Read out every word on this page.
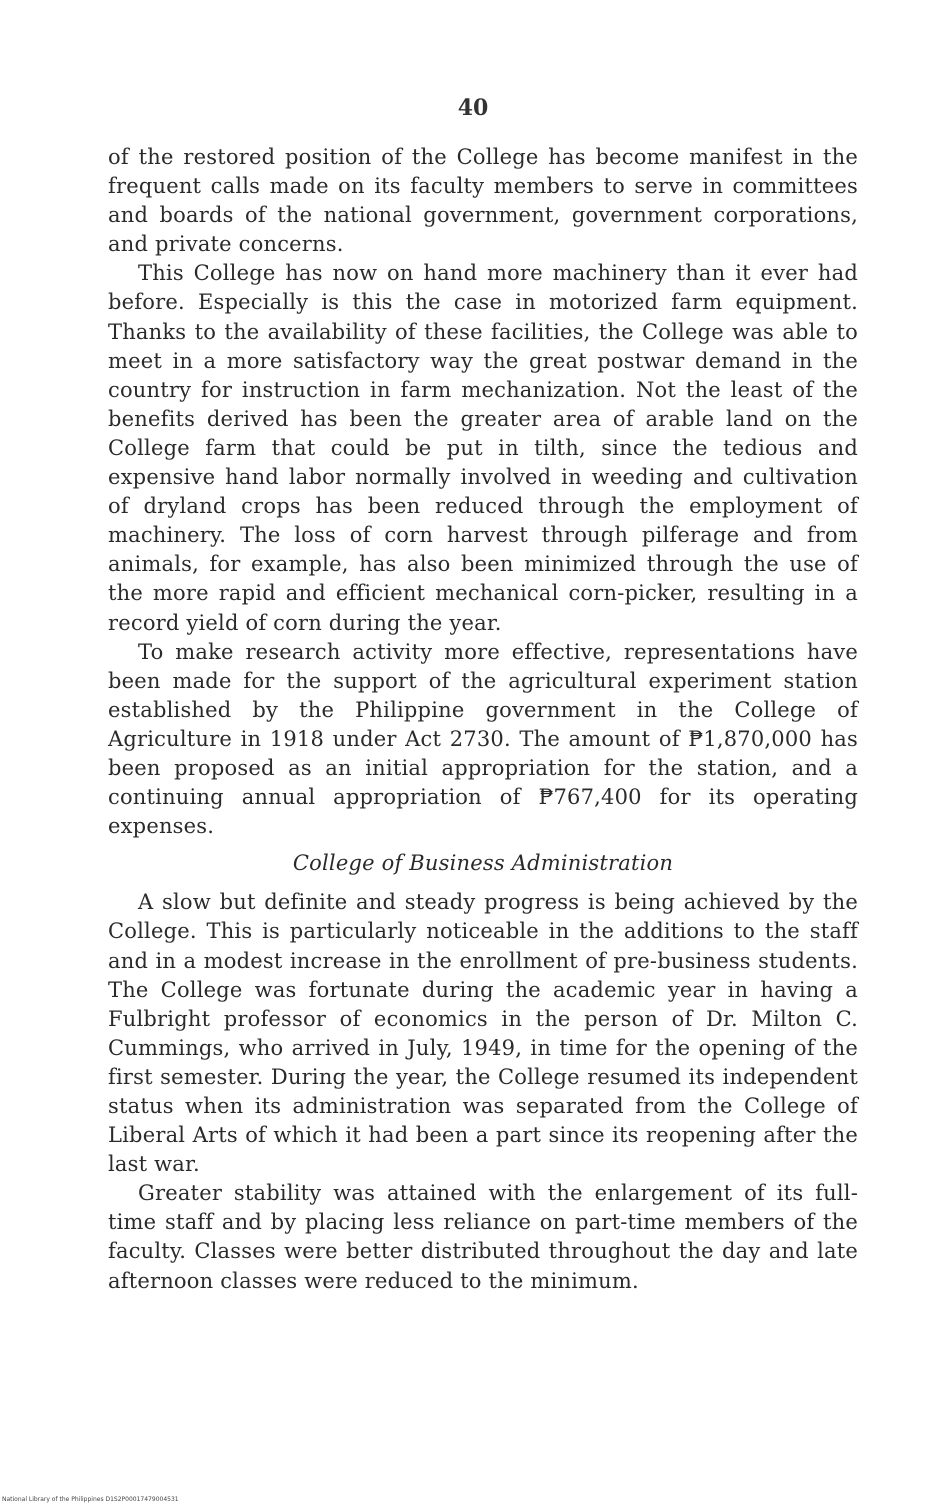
40

of the restored position of the College has become manifest in the frequent calls made on its faculty members to serve in committees and boards of the national government, government corporations, and private concerns.

This College has now on hand more machinery than it ever had before. Especially is this the case in motorized farm equipment. Thanks to the availability of these facilities, the College was able to meet in a more satisfactory way the great postwar demand in the country for instruction in farm mechanization. Not the least of the benefits derived has been the greater area of arable land on the College farm that could be put in tilth, since the tedious and expensive hand labor normally involved in weeding and cultivation of dryland crops has been reduced through the employment of machinery. The loss of corn harvest through pilferage and from animals, for example, has also been minimized through the use of the more rapid and efficient mechanical corn-picker, resulting in a record yield of corn during the year.

To make research activity more effective, representations have been made for the support of the agricultural experiment station established by the Philippine government in the College of Agriculture in 1918 under Act 2730. The amount of ₱1,870,000 has been proposed as an initial appropriation for the station, and a continuing annual appropriation of ₱767,400 for its operating expenses.

College of Business Administration

A slow but definite and steady progress is being achieved by the College. This is particularly noticeable in the additions to the staff and in a modest increase in the enrollment of pre-business students. The College was fortunate during the academic year in having a Fulbright professor of economics in the person of Dr. Milton C. Cummings, who arrived in July, 1949, in time for the opening of the first semester. During the year, the College resumed its independent status when its administration was separated from the College of Liberal Arts of which it had been a part since its reopening after the last war.

Greater stability was attained with the enlargement of its full-time staff and by placing less reliance on part-time members of the faculty. Classes were better distributed throughout the day and late afternoon classes were reduced to the minimum.

National Library of the Philippines D1S2P00017479004531
